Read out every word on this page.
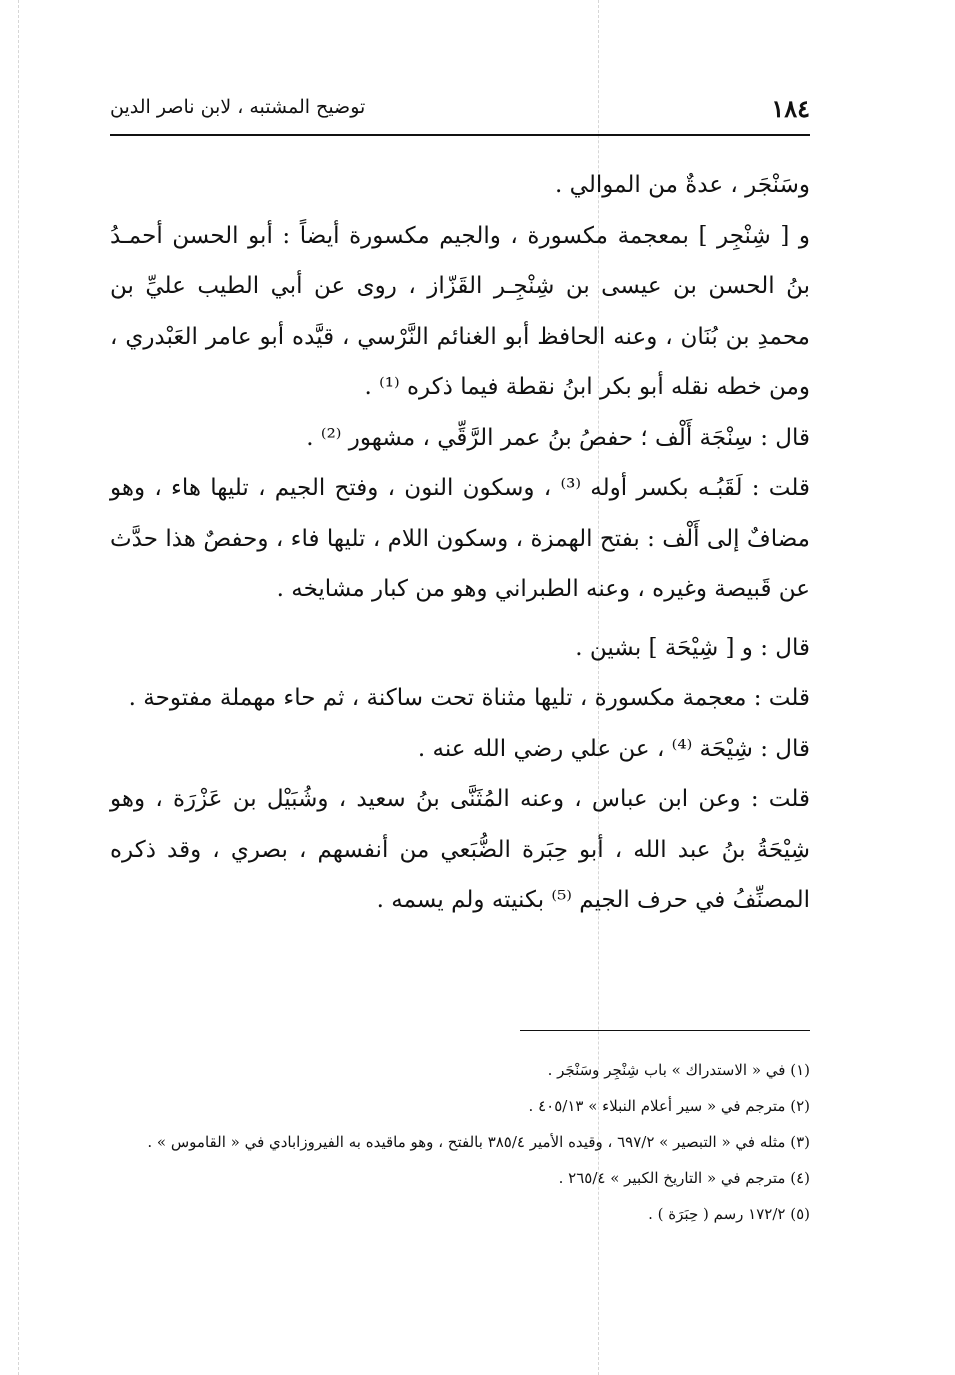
١٨٤
توضيح المشتبه ، لابن ناصر الدين

وسَنْجَر ، عدةٌ من الموالي .

و [ شِنْجِر ] بمعجمة مكسورة ، والجيم مكسورة أيضاً : أبو الحسن أحمـدُ بنُ الحسن بن عيسى بن شِنْجِـر القَزّاز ، روى عن أبي الطيب عليِّ بن محمدِ بن بُنَان ، وعنه الحافظ أبو الغنائم النَّرْسي ، قيَّده أبو عامر العَبْدري ، ومن خطه نقله أبو بكر ابنُ نقطة فيما ذكره ⁽¹⁾ .

قال : سِنْجَة أَلْف ؛ حفصُ بنُ عمر الرَّقِّي ، مشهور ⁽²⁾ .

قلت : لَقَبُـه بكسر أوله ⁽³⁾ ، وسكون النون ، وفتح الجيم ، تليها هاء ، وهو مضافٌ إلى أَلْف : بفتح الهمزة ، وسكون اللام ، تليها فاء ، وحفصٌ هذا حدَّث عن قَبيصة وغيره ، وعنه الطبراني وهو من كبار مشايخه .

قال : و [ شِيْحَة ] بشين .

قلت : معجمة مكسورة ، تليها مثناة تحت ساكنة ، ثم حاء مهملة مفتوحة .

قال : شِيْحَة ⁽⁴⁾ ، عن علي رضي الله عنه .

قلت : وعن ابن عباس ، وعنه المُثَنَّى بنُ سعيد ، وشُبَيْل بن عَزْرَة ، وهو شِيْحَةُ بنُ عبد الله ، أبو حِبَرة الضُّبَعي من أنفسهم ، بصري ، وقد ذكره المصنِّفُ في حرف الجيم ⁽⁵⁾ بكنيته ولم يسمه .

(١) في « الاستدراك » باب شِنْجِر وسَنْجَر .

(٢) مترجم في « سير أعلام النبلاء » ٤٠٥/١٣ .

(٣) مثله في « التبصير » ٦٩٧/٢ ، وقيده الأمير ٣٨٥/٤ بالفتح ، وهو ماقيده به الفيروزابادي في « القاموس » .

(٤) مترجم في « التاريخ الكبير » ٢٦٥/٤ .

(٥) ١٧٢/٢ رسم ( حِبَرَة ) .
